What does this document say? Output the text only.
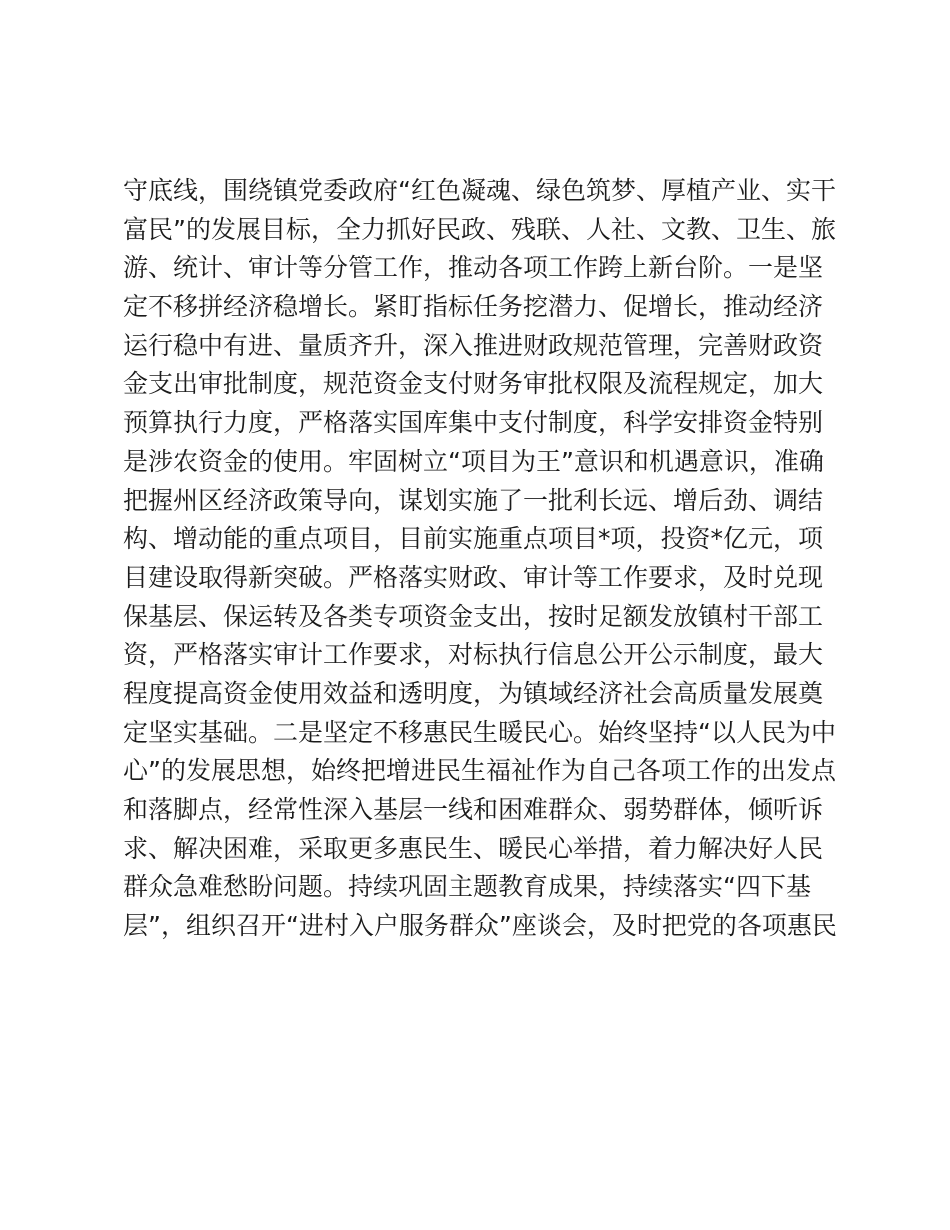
守底线，围绕镇党委政府“红色凝魂、绿色筑梦、厚植产业、实干
富民”的发展目标，全力抓好民政、残联、人社、文教、卫生、旅
游、统计、审计等分管工作，推动各项工作跨上新台阶。一是坚
定不移拼经济稳增长。紧盯指标任务挖潜力、促增长，推动经济
运行稳中有进、量质齐升，深入推进财政规范管理，完善财政资
金支出审批制度，规范资金支付财务审批权限及流程规定，加大
预算执行力度，严格落实国库集中支付制度，科学安排资金特别
是涉农资金的使用。牢固树立“项目为王”意识和机遇意识，准确
把握州区经济政策导向，谋划实施了一批利长远、增后劲、调结
构、增动能的重点项目，目前实施重点项目*项，投资*亿元，项
目建设取得新突破。严格落实财政、审计等工作要求，及时兑现
保基层、保运转及各类专项资金支出，按时足额发放镇村干部工
资，严格落实审计工作要求，对标执行信息公开公示制度，最大
程度提高资金使用效益和透明度，为镇域经济社会高质量发展奠
定坚实基础。二是坚定不移惠民生暖民心。始终坚持“以人民为中
心”的发展思想，始终把增进民生福祉作为自己各项工作的出发点
和落脚点，经常性深入基层一线和困难群众、弱势群体，倾听诉
求、解决困难，采取更多惠民生、暖民心举措，着力解决好人民
群众急难愁盼问题。持续巩固主题教育成果，持续落实“四下基
层”，组织召开“进村入户服务群众”座谈会，及时把党的各项惠民
